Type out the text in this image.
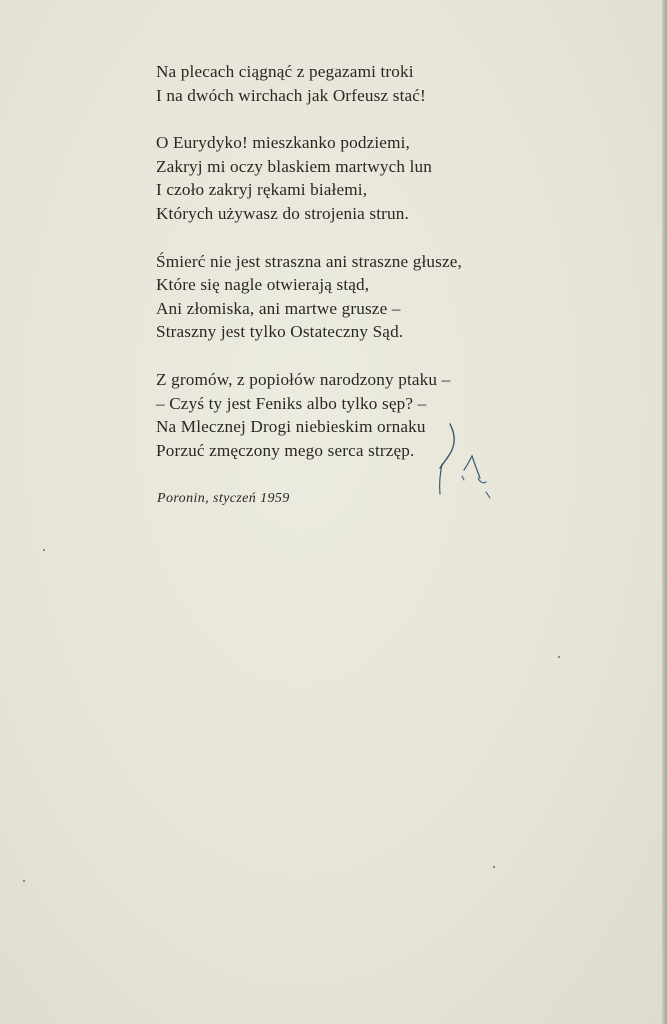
Na plecach ciągnąć z pegazami troki
I na dwóch wirchach jak Orfeusz stać!
O Eurydyko! mieszkanko podziemi,
Zakryj mi oczy blaskiem martwych lun
I czoło zakryj rękami białemi,
Których używasz do strojenia strun.
Śmierć nie jest straszna ani straszne głusze,
Które się nagle otwierają stąd,
Ani złomiska, ani martwe grusze –
Straszny jest tylko Ostateczny Sąd.
Z gromów, z popiołów narodzony ptaku –
– Czyś ty jest Feniks albo tylko sęp? –
Na Mlecznej Drogi niebieskim ornaku
Porzuć zmęczony mego serca strzęp.
Poronin, styczeń 1959
